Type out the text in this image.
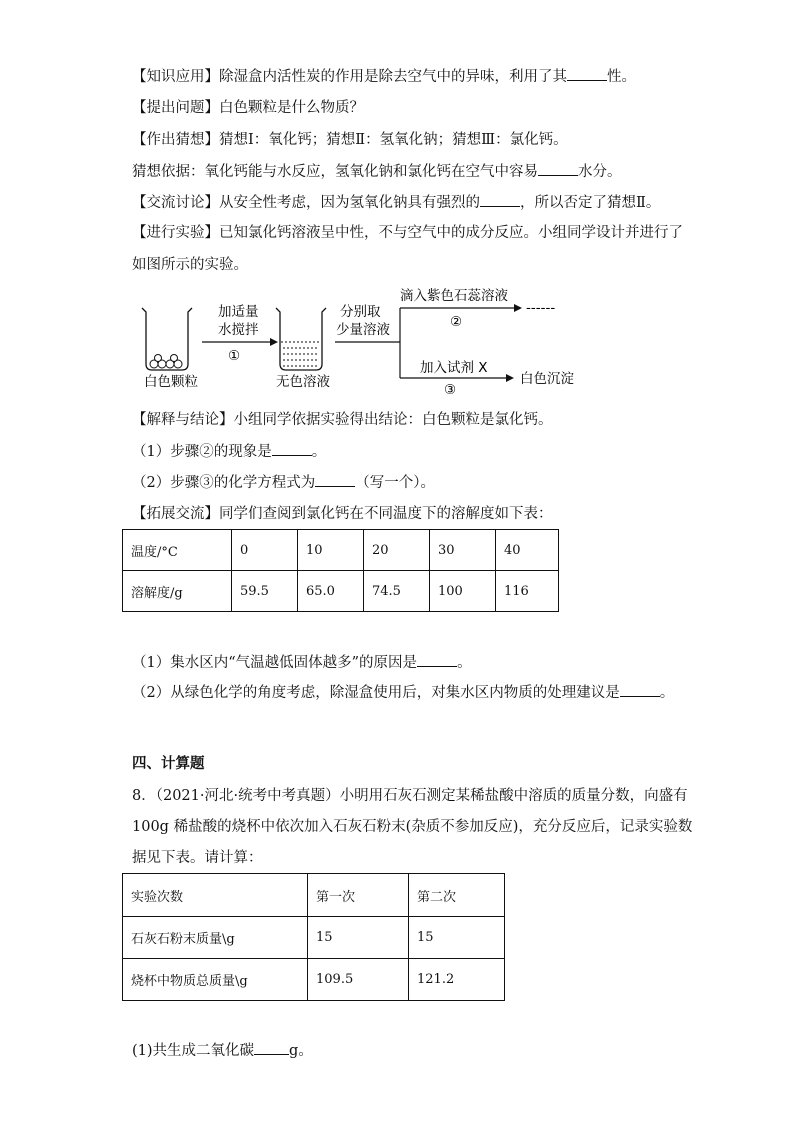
【知识应用】除湿盒内活性炭的作用是除去空气中的异味，利用了其	性。
【提出问题】白色颗粒是什么物质？
【作出猜想】猜想Ⅰ：氧化钙；猜想Ⅱ：氢氧化钠；猜想Ⅲ：氯化钙。
猜想依据：氧化钙能与水反应，氢氧化钠和氯化钙在空气中容易	水分。
【交流讨论】从安全性考虑，因为氢氧化钠具有强烈的	，所以否定了猜想Ⅱ。
【进行实验】已知氯化钙溶液呈中性，不与空气中的成分反应。小组同学设计并进行了
如图所示的实验。
白色颗粒
加适量
水搅拌
①
无色溶液
分别取
少量溶液
滴入紫色石蕊溶液
②
------
加入试剂 X
③
白色沉淀
【解释与结论】小组同学依据实验得出结论：白色颗粒是氯化钙。
（1）步骤②的现象是	。
（2）步骤③的化学方程式为	（写一个）。
【拓展交流】同学们查阅到氯化钙在不同温度下的溶解度如下表：
温度/°C	0	10	20	30	40
溶解度/g	59.5	65.0	74.5	100	116
（1）集水区内“气温越低固体越多”的原因是	。
（2）从绿色化学的角度考虑，除湿盒使用后，对集水区内物质的处理建议是	。
四、计算题
8．（2021·河北·统考中考真题）小明用石灰石测定某稀盐酸中溶质的质量分数，向盛有
100g 稀盐酸的烧杯中依次加入石灰石粉末(杂质不参加反应)，充分反应后，记录实验数
据见下表。请计算：
实验次数	第一次	第二次
石灰石粉末质量\g	15	15
烧杯中物质总质量\g	109.5	121.2
(1)共生成二氧化碳 g。
